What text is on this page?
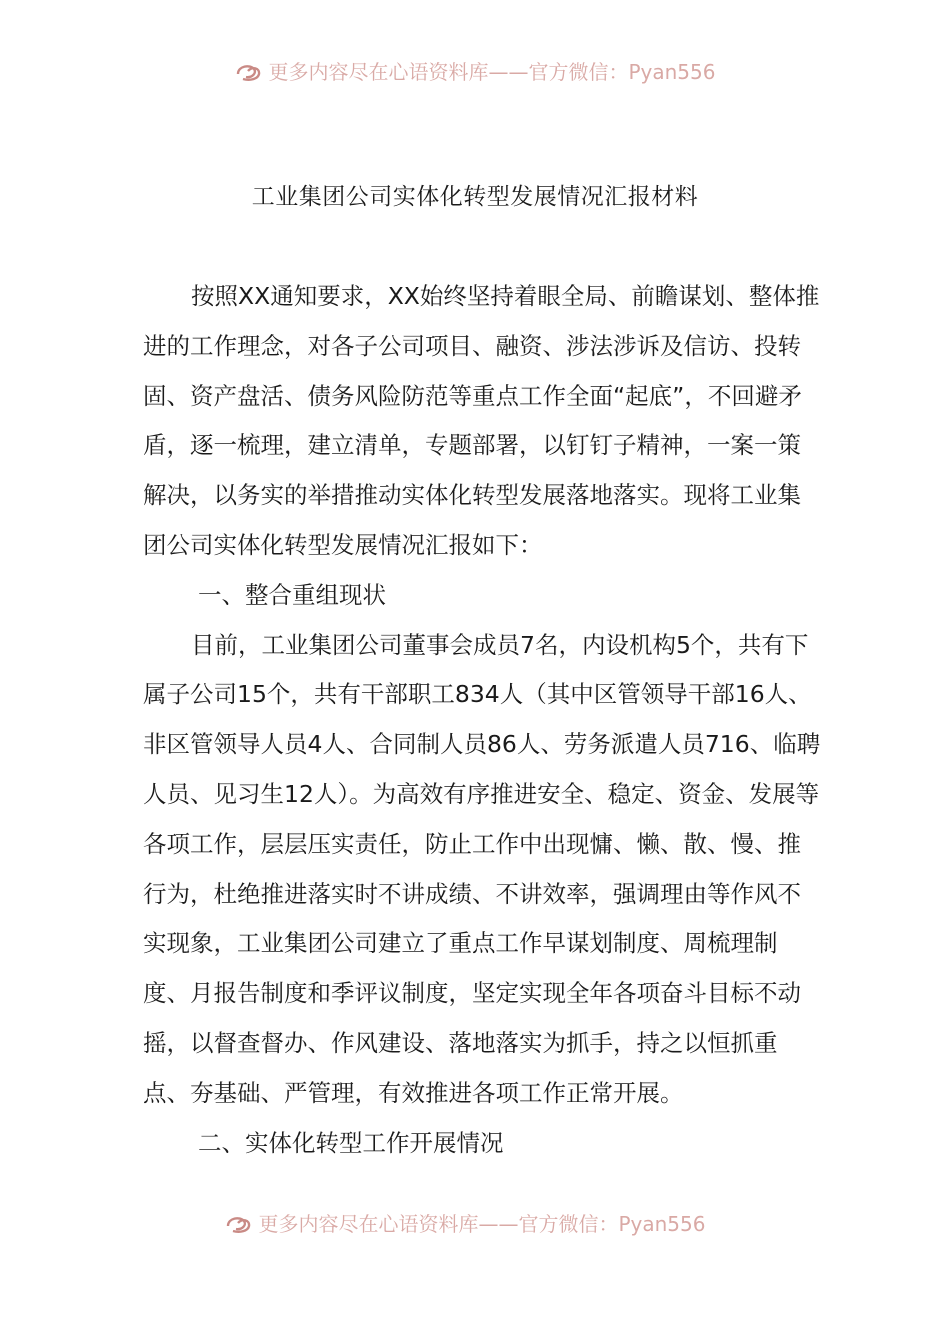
更多内容尽在心语资料库——官方微信：Pyan556
工业集团公司实体化转型发展情况汇报材料

按照XX通知要求，XX始终坚持着眼全局、前瞻谋划、整体推进的工作理念，对各子公司项目、融资、涉法涉诉及信访、投转固、资产盘活、债务风险防范等重点工作全面“起底”，不回避矛盾，逐一梳理，建立清单，专题部署，以钉钉子精神，一案一策解决，以务实的举措推动实体化转型发展落地落实。现将工业集团公司实体化转型发展情况汇报如下：

一、整合重组现状

目前，工业集团公司董事会成员7名，内设机构5个，共有下属子公司15个，共有干部职工834人（其中区管领导干部16人、非区管领导人员4人、合同制人员86人、劳务派遣人员716、临聘人员、见习生12人）。为高效有序推进安全、稳定、资金、发展等各项工作，层层压实责任，防止工作中出现慵、懒、散、慢、推行为，杜绝推进落实时不讲成绩、不讲效率，强调理由等作风不实现象，工业集团公司建立了重点工作早谋划制度、周梳理制度、月报告制度和季评议制度，坚定实现全年各项奋斗目标不动摇，以督查督办、作风建设、落地落实为抓手，持之以恒抓重点、夯基础、严管理，有效推进各项工作正常开展。

二、实体化转型工作开展情况

更多内容尽在心语资料库——官方微信：Pyan556
